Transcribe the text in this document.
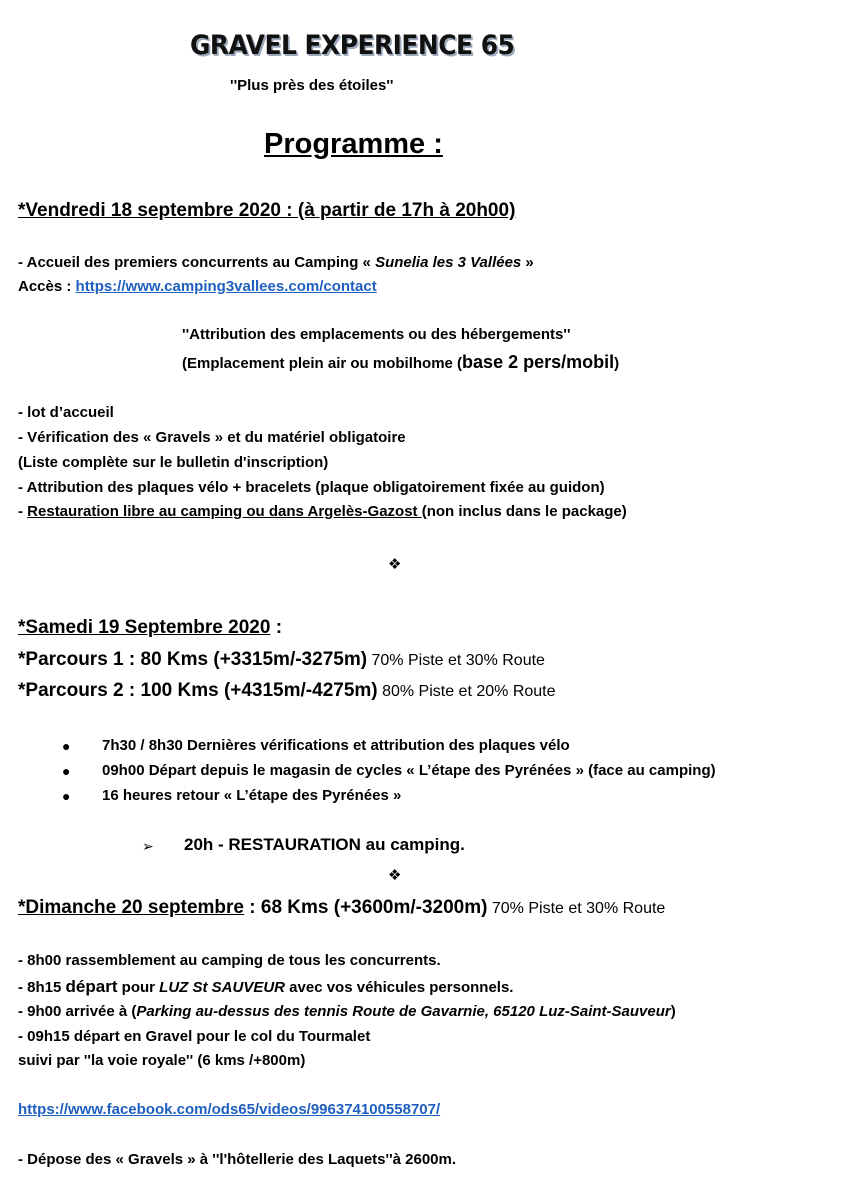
GRAVEL EXPERIENCE 65
''Plus près des étoiles''
Programme :
*Vendredi 18 septembre 2020 : (à partir de 17h à 20h00)
- Accueil des premiers concurrents au Camping « Sunelia les 3 Vallées »
Accès : https://www.camping3vallees.com/contact
''Attribution des emplacements ou des hébergements''
(Emplacement plein air ou mobilhome (base 2 pers/mobil)
- lot d’accueil
- Vérification des « Gravels » et du matériel obligatoire
(Liste complète sur le bulletin d'inscription)
- Attribution des plaques vélo + bracelets (plaque obligatoirement fixée au guidon)
- Restauration libre au camping ou dans Argelès-Gazost (non inclus dans le package)
❖
*Samedi 19 Septembre 2020 :
*Parcours 1 : 80 Kms (+3315m/-3275m) 70% Piste et 30% Route
*Parcours 2 : 100 Kms (+4315m/-4275m) 80% Piste et 20% Route
● 7h30 / 8h30 Dernières vérifications et attribution des plaques vélo
● 09h00 Départ depuis le magasin de cycles « L’étape des Pyrénées » (face au camping)
● 16 heures retour « L’étape des Pyrénées »
➢ 20h - RESTAURATION au camping.
❖
*Dimanche 20 septembre : 68 Kms (+3600m/-3200m) 70% Piste et 30% Route
- 8h00 rassemblement au camping de tous les concurrents.
- 8h15 départ pour LUZ St SAUVEUR avec vos véhicules personnels.
- 9h00 arrivée à (Parking au-dessus des tennis Route de Gavarnie, 65120 Luz-Saint-Sauveur)
- 09h15 départ en Gravel pour le col du Tourmalet
suivi par ''la voie royale'' (6 kms /+800m)
https://www.facebook.com/ods65/videos/996374100558707/
- Dépose des « Gravels » à ''l'hôtellerie des Laquets''à 2600m.
